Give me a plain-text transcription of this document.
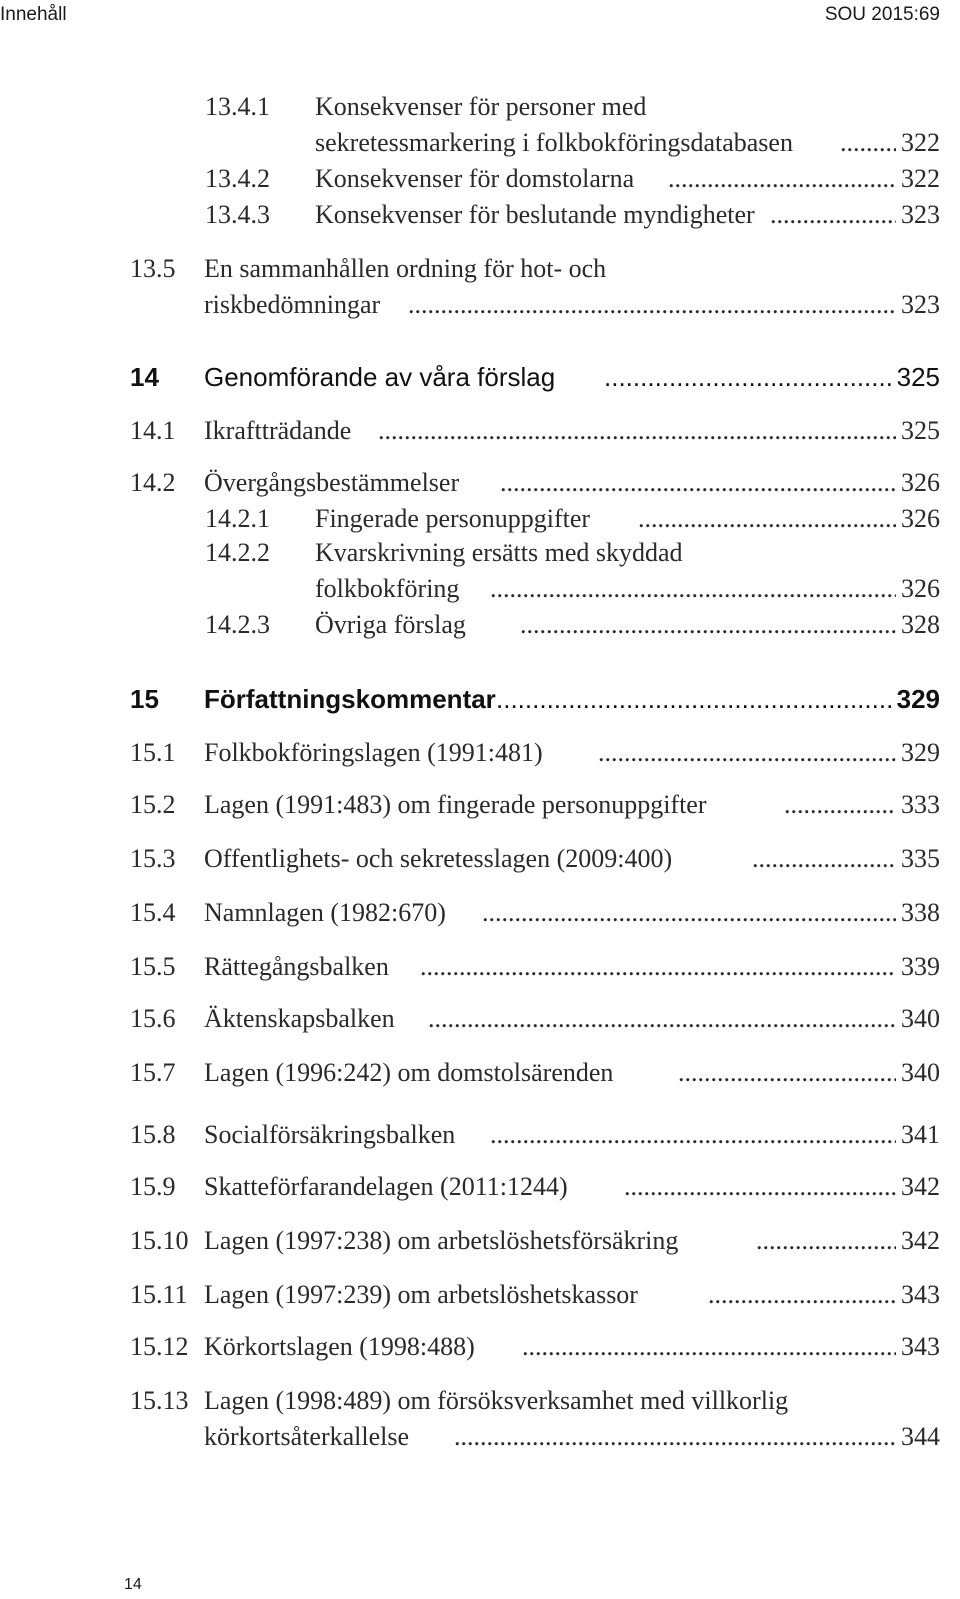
Innehåll	SOU 2015:69
13.4.1 Konsekvenser för personer med
sekretessmarkering i folkbokföringsdatabasen .....	322
13.4.2 Konsekvenser för domstolarna .....	322
13.4.3 Konsekvenser för beslutande myndigheter .....	323
13.5 En sammanhållen ordning för hot- och
riskbedömningar .....	323
14 Genomförande av våra förslag .....	325
14.1 Ikraftträdande .....	325
14.2 Övergångsbestämmelser .....	326
14.2.1 Fingerade personuppgifter .....	326
14.2.2 Kvarskrivning ersätts med skyddad
folkbokföring .....	326
14.2.3 Övriga förslag .....	328
15 Författningskommentar .....	329
15.1 Folkbokföringslagen (1991:481) .....	329
15.2 Lagen (1991:483) om fingerade personuppgifter .....	333
15.3 Offentlighets- och sekretesslagen (2009:400) .....	335
15.4 Namnlagen (1982:670) .....	338
15.5 Rättegångsbalken .....	339
15.6 Äktenskapsbalken .....	340
15.7 Lagen (1996:242) om domstolsärenden .....	340
15.8 Socialförsäkringsbalken .....	341
15.9 Skatteförfarandelagen (2011:1244) .....	342
15.10 Lagen (1997:238) om arbetslöshetsförsäkring .....	342
15.11 Lagen (1997:239) om arbetslöshetskassor .....	343
15.12 Körkortslagen (1998:488) .....	343
15.13 Lagen (1998:489) om försöksverksamhet med villkorlig
körkortsåterkallelse .....	344
14
